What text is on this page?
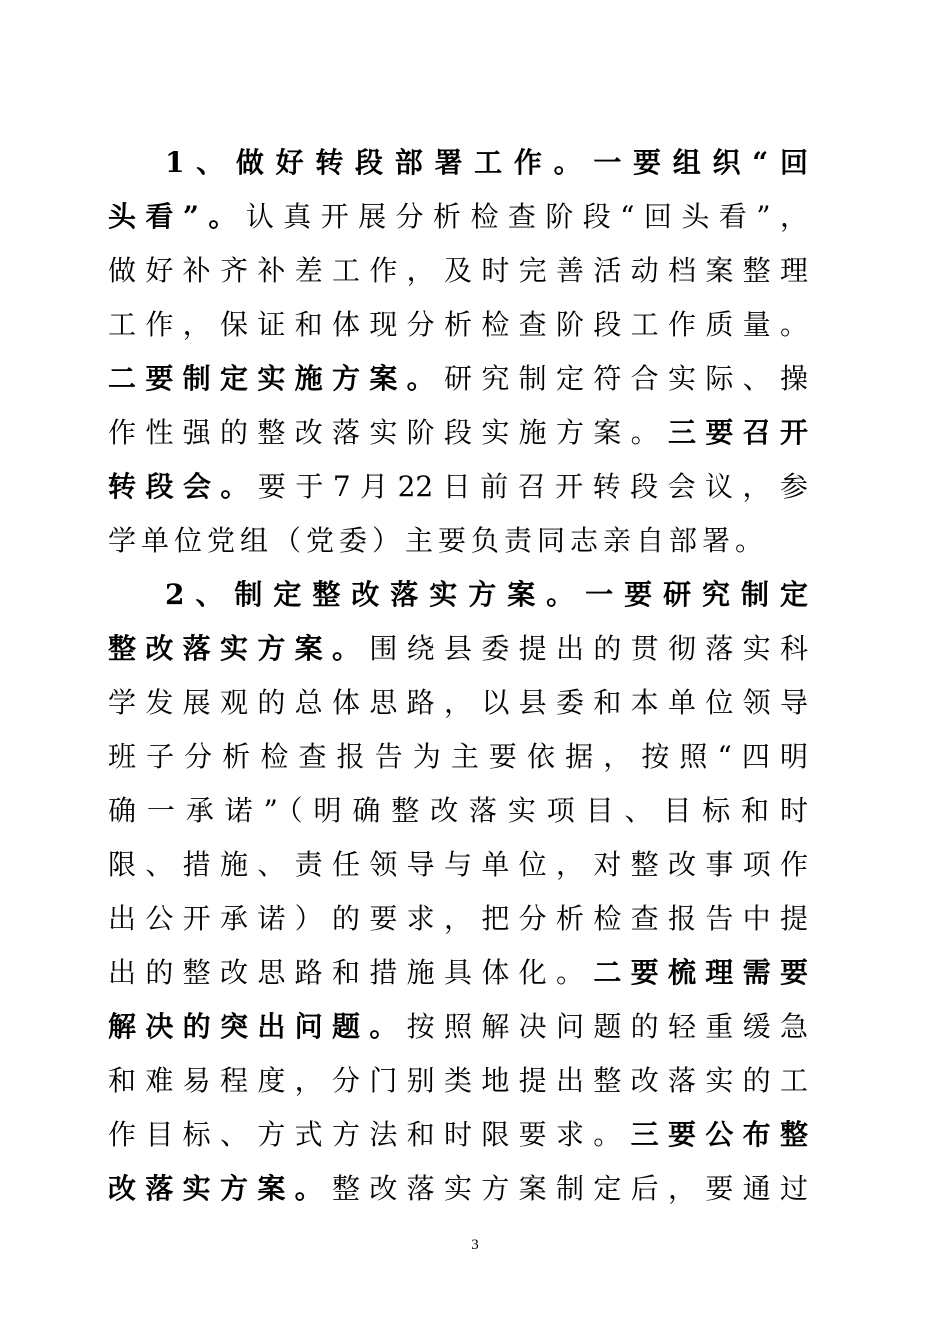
1、做好转段部署工作。一要组织“回
头看”。认真开展分析检查阶段“回头看”，
做好补齐补差工作，及时完善活动档案整理
工作，保证和体现分析检查阶段工作质量。
二要制定实施方案。研究制定符合实际、操
作性强的整改落实阶段实施方案。三要召开
转段会。要于7月22日前召开转段会议，参
学单位党组（党委）主要负责同志亲自部署。
2、制定整改落实方案。一要研究制定
整改落实方案。围绕县委提出的贯彻落实科
学发展观的总体思路，以县委和本单位领导
班子分析检查报告为主要依据，按照“四明
确一承诺”（明确整改落实项目、目标和时
限、措施、责任领导与单位，对整改事项作
出公开承诺）的要求，把分析检查报告中提
出的整改思路和措施具体化。二要梳理需要
解决的突出问题。按照解决问题的轻重缓急
和难易程度，分门别类地提出整改落实的工
作目标、方式方法和时限要求。三要公布整
改落实方案。整改落实方案制定后，要通过
3
